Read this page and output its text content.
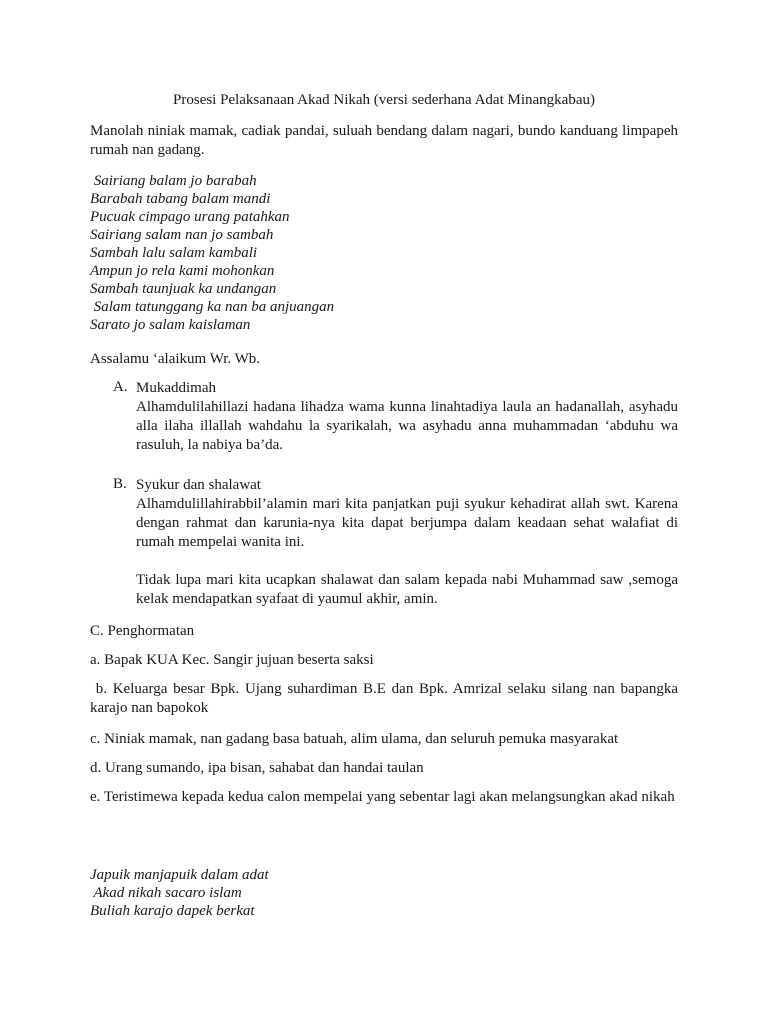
Prosesi Pelaksanaan Akad Nikah (versi sederhana Adat Minangkabau)

Manolah niniak mamak, cadiak pandai, suluah bendang dalam nagari, bundo kanduang limpapeh rumah nan gadang.

Sairiang balam jo barabah
Barabah tabang balam mandi
Pucuak cimpago urang patahkan
Sairiang salam nan jo sambah
Sambah lalu salam kambali
Ampun jo rela kami mohonkan
Sambah taunjuak ka undangan
Salam tatunggang ka nan ba anjuangan
Sarato jo salam kaislaman
Assalamu ‘alaikum Wr. Wb.
A. Mukaddimah

Alhamdulilahillazi hadana lihadza wama kunna linahtadiya laula an hadanallah, asyhadu alla ilaha illallah wahdahu la syarikalah, wa asyhadu anna muhammadan ‘abduhu wa rasuluh, la nabiya ba’da.

B. Syukur dan shalawat

Alhamdulillahirabbil’alamin mari kita panjatkan puji syukur kehadirat allah swt. Karena dengan rahmat dan karunia-nya kita dapat berjumpa dalam keadaan sehat walafiat di rumah mempelai wanita ini.

Tidak lupa mari kita ucapkan shalawat dan salam kepada nabi Muhammad saw ,semoga kelak mendapatkan syafaat di yaumul akhir, amin.

C. Penghormatan

a. Bapak KUA Kec. Sangir jujuan beserta saksi

b. Keluarga besar Bpk. Ujang suhardiman B.E dan Bpk. Amrizal selaku silang nan bapangka karajo nan bapokok

c. Niniak mamak, nan gadang basa batuah, alim ulama, dan seluruh pemuka masyarakat

d. Urang sumando, ipa bisan, sahabat dan handai taulan

e. Teristimewa kepada kedua calon mempelai yang sebentar lagi akan melangsungkan akad nikah

Japuik manjapuik dalam adat
Akad nikah sacaro islam
Buliah karajo dapek berkat
